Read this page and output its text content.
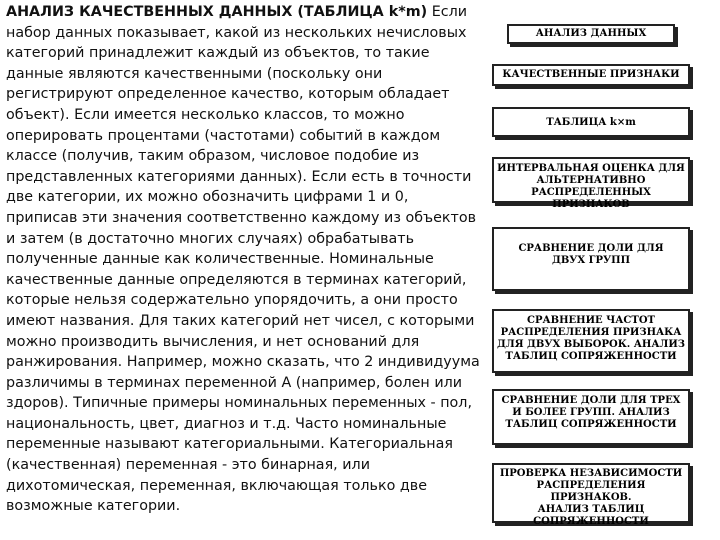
АНАЛИЗ КАЧЕСТВЕННЫХ ДАННЫХ (ТАБЛИЦА k*m) Если набор данных показывает, какой из нескольких нечисловых категорий принадлежит каждый из объектов, то такие данные являются качественными (поскольку они регистрируют определенное качество, которым обладает объект). Если имеется несколько классов, то можно оперировать процентами (частотами) событий в каждом классе (получив, таким образом, числовое подобие из представленных категориями данных). Если есть в точности две категории, их можно обозначить цифрами 1 и 0, приписав эти значения соответственно каждому из объектов и затем (в достаточно многих случаях) обрабатывать полученные данные как количественные. Номинальные качественные данные определяются в терминах категорий, которые нельзя содержательно упорядочить, а они просто имеют названия. Для таких категорий нет чисел, с которыми можно производить вычисления, и нет оснований для ранжирования. Например, можно сказать, что 2 индивидуума различимы в терминах переменной А (например, болен или здоров). Типичные примеры номинальных переменных - пол, национальность, цвет, диагноз и т.д. Часто номинальные переменные называют категориальными. Категориальная (качественная) переменная - это бинарная, или дихотомическая, переменная, включающая только две возможные категории.

АНАЛИЗ ДАННЫХ
КАЧЕСТВЕННЫЕ ПРИЗНАКИ
ТАБЛИЦА k×m
ИНТЕРВАЛЬНАЯ ОЦЕНКА ДЛЯ
АЛЬТЕРНАТИВНО
РАСПРЕДЕЛЕННЫХ ПРИЗНАКОВ
СРАВНЕНИЕ ДОЛИ ДЛЯ
ДВУХ ГРУПП
СРАВНЕНИЕ ЧАСТОТ
РАСПРЕДЕЛЕНИЯ ПРИЗНАКА
ДЛЯ ДВУХ ВЫБОРОК. АНАЛИЗ
ТАБЛИЦ СОПРЯЖЕННОСТИ
СРАВНЕНИЕ ДОЛИ ДЛЯ ТРЕХ
И БОЛЕЕ ГРУПП. АНАЛИЗ
ТАБЛИЦ СОПРЯЖЕННОСТИ
ПРОВЕРКА НЕЗАВИСИМОСТИ
РАСПРЕДЕЛЕНИЯ ПРИЗНАКОВ.
АНАЛИЗ ТАБЛИЦ
СОПРЯЖЕННОСТИ
